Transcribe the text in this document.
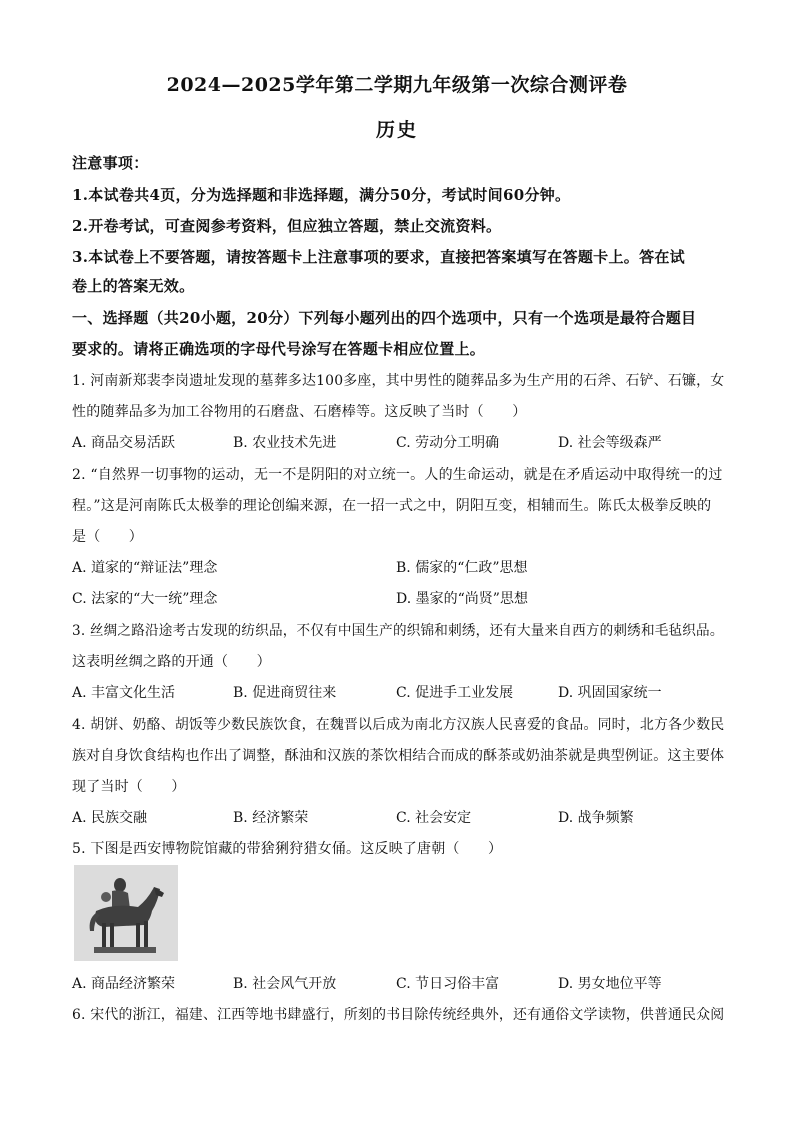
2024—2025学年第二学期九年级第一次综合测评卷
历史
注意事项：
1.本试卷共4页，分为选择题和非选择题，满分50分，考试时间60分钟。
2.开卷考试，可查阅参考资料，但应独立答题，禁止交流资料。
3.本试卷上不要答题，请按答题卡上注意事项的要求，直接把答案填写在答题卡上。答在试
卷上的答案无效。
一、选择题（共20小题，20分）下列每小题列出的四个选项中，只有一个选项是最符合题目
要求的。请将正确选项的字母代号涂写在答题卡相应位置上。
1. 河南新郑裴李岗遗址发现的墓葬多达100多座，其中男性的随葬品多为生产用的石斧、石铲、石镰，女
性的随葬品多为加工谷物用的石磨盘、石磨棒等。这反映了当时（　　）
A. 商品交易活跃	B. 农业技术先进	C. 劳动分工明确	D. 社会等级森严
2. “自然界一切事物的运动，无一不是阴阳的对立统一。人的生命运动，就是在矛盾运动中取得统一的过
程。”这是河南陈氏太极拳的理论创编来源，在一招一式之中，阴阳互变，相辅而生。陈氏太极拳反映的
是（　　）
A. 道家的“辩证法”理念	B. 儒家的“仁政”思想
C. 法家的“大一统”理念	D. 墨家的“尚贤”思想
3. 丝绸之路沿途考古发现的纺织品，不仅有中国生产的织锦和刺绣，还有大量来自西方的刺绣和毛毡织品。
这表明丝绸之路的开通（　　）
A. 丰富文化生活	B. 促进商贸往来	C. 促进手工业发展	D. 巩固国家统一
4. 胡饼、奶酪、胡饭等少数民族饮食，在魏晋以后成为南北方汉族人民喜爱的食品。同时，北方各少数民
族对自身饮食结构也作出了调整，酥油和汉族的茶饮相结合而成的酥茶或奶油茶就是典型例证。这主要体
现了当时（　　）
A. 民族交融	B. 经济繁荣	C. 社会安定	D. 战争频繁
5. 下图是西安博物院馆藏的带猞猁狩猎女俑。这反映了唐朝（　　）
A. 商品经济繁荣	B. 社会风气开放	C. 节日习俗丰富	D. 男女地位平等
6. 宋代的浙江，福建、江西等地书肆盛行，所刻的书目除传统经典外，还有通俗文学读物，供普通民众阅
